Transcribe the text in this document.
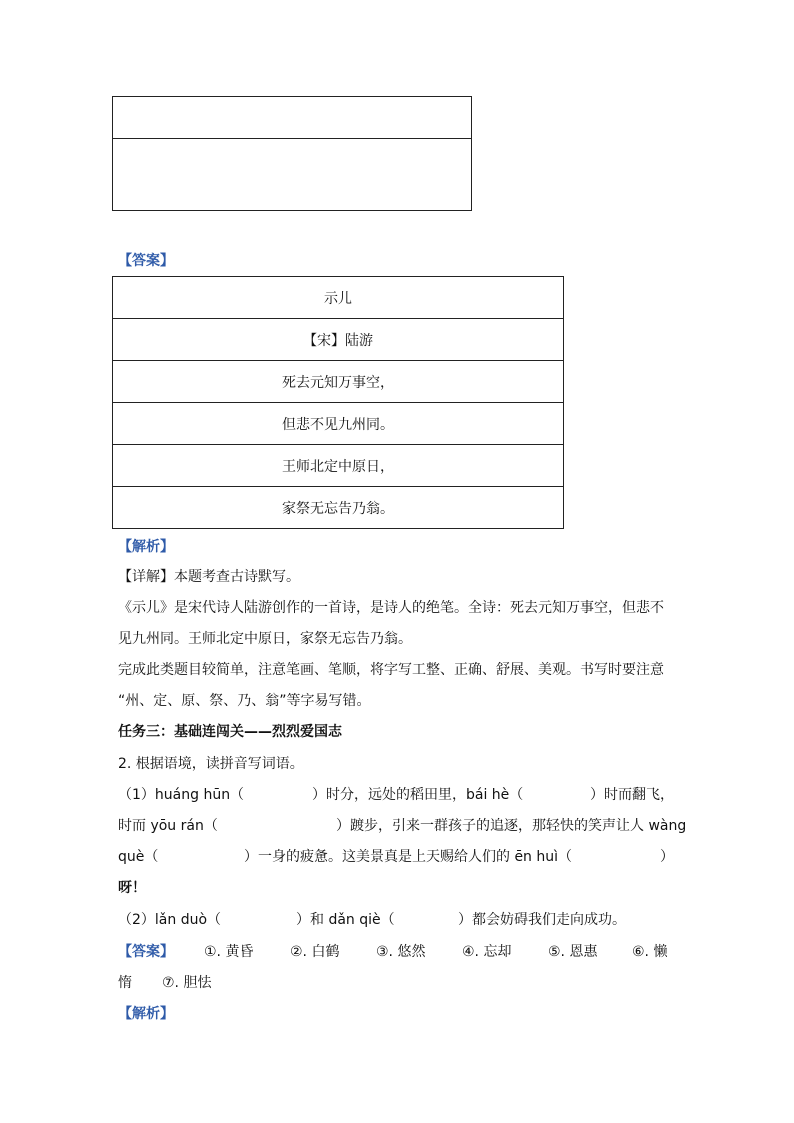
【答案】
示儿
【宋】陆游
死去元知万事空，
但悲不见九州同。
王师北定中原日，
家祭无忘告乃翁。
【解析】
【详解】本题考查古诗默写。
《示儿》是宋代诗人陆游创作的一首诗，是诗人的绝笔。全诗：死去元知万事空，但悲不
见九州同。王师北定中原日，家祭无忘告乃翁。
完成此类题目较简单，注意笔画、笔顺，将字写工整、正确、舒展、美观。书写时要注意
“州、定、原、祭、乃、翁”等字易写错。
任务三：基础连闯关——烈烈爱国志
2. 根据语境，读拼音写词语。
（1）huáng hūn（	）时分，远处的稻田里，bái hè（	）时而翻飞，
时而 yōu rán（	）踱步，引来一群孩子的追逐，那轻快的笑声让人 wàng
què（	）一身的疲惫。这美景真是上天赐给人们的 ēn huì（	）
呀！
（2）lǎn duò（	）和 dǎn qiè（	）都会妨碍我们走向成功。
【答案】 ①. 黄昏	②. 白鹤	③. 悠然	④. 忘却	⑤. 恩惠 ⑥. 懒
惰 ⑦. 胆怯
【解析】
